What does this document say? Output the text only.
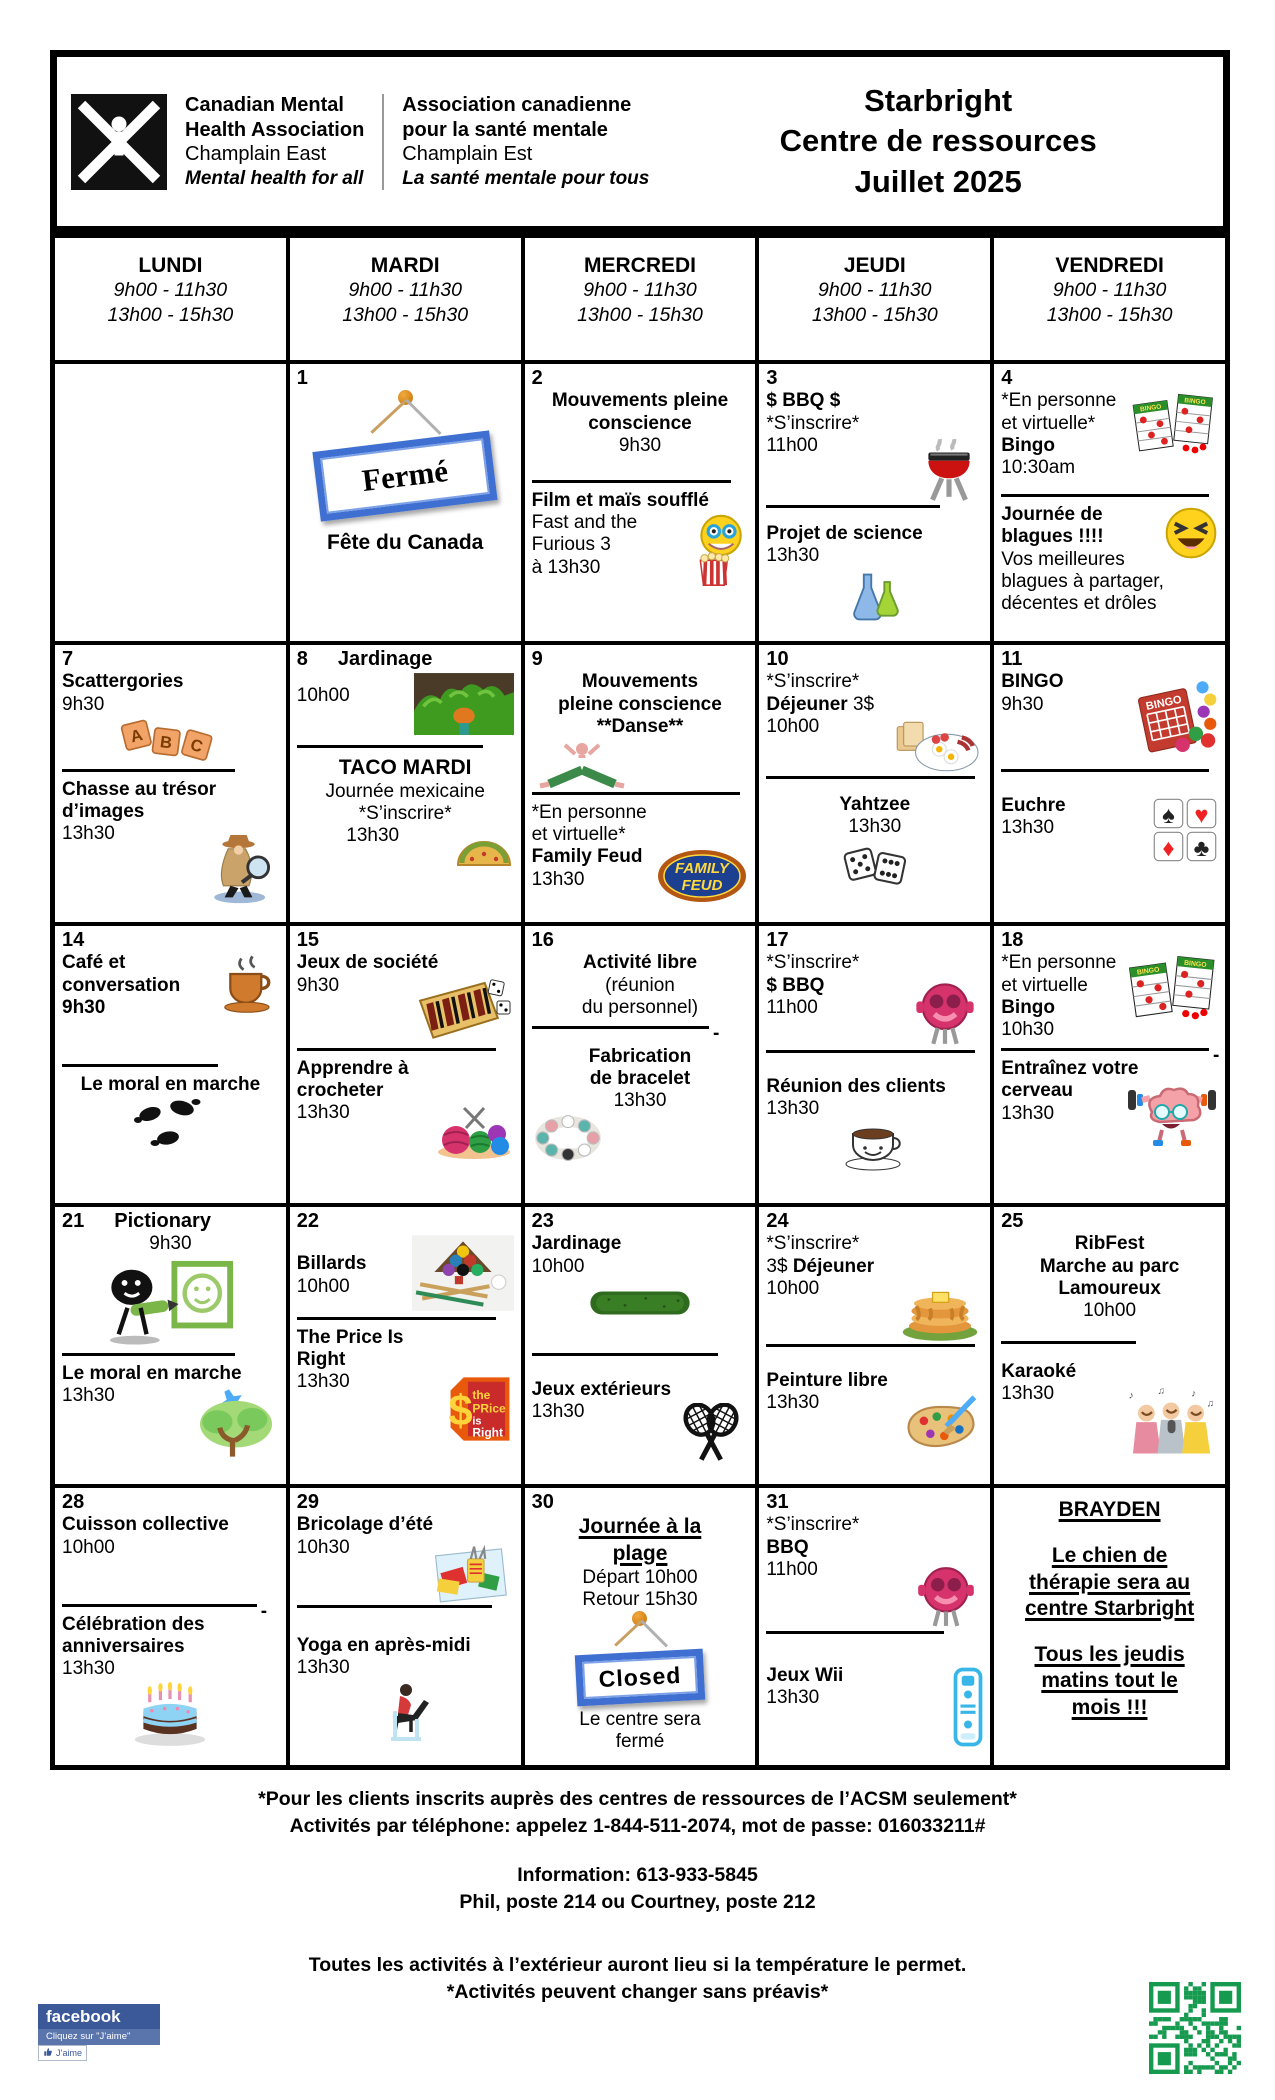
Canadian Mental
Health Association
Champlain East
Mental health for all
Association canadienne
pour la santé mentale
Champlain Est
La santé mentale pour tous
Starbright
Centre de ressources
Juillet 2025
LUNDI
9h00 - 11h30
13h00 - 15h30
MARDI
9h00 - 11h30
13h00 - 15h30
MERCREDI
9h00 - 11h30
13h00 - 15h30
JEUDI
9h00 - 11h30
13h00 - 15h30
VENDREDI
9h00 - 11h30
13h00 - 15h30
1
Fermé
Fête du Canada
2
Mouvements pleine
conscience
9h30
Film et maïs soufflé
Fast and the
Furious 3
à 13h30
3
$ BBQ $
*S’inscrire*
11h00
Projet de science
13h30
4
BINGO
BINGO
*En personne
et virtuelle*
Bingo 10:30am
Journée de
blagues !!!!
Vos meilleures
blagues à partager,
décentes et drôles
7
Scattergories
9h30
A B C
Chasse au trésor
d’images
13h30
8 Jardinage
10h00
TACO MARDI
Journée mexicaine
*S’inscrire*
13h30
9
Mouvements
pleine conscience
**Danse**
*En personne
et virtuelle*
FAMILY
FEUD
Family Feud
13h30
10
*S’inscrire*
Déjeuner 3$
10h00
Yahtzee
13h30
11
BINGO
BINGO
9h30
♠ ♥
♦ ♣
Euchre
13h30
14
Café et
conversation
9h30
Le moral en marche
15
Jeux de société
9h30
Apprendre à
crocheter
13h30
16
Activité libre
(réunion
du personnel)
-
Fabrication
de bracelet
13h30
17
*S’inscrire*
$ BBQ
11h00
Réunion des clients
13h30
18
BINGO
BINGO
*En personne
et virtuelle
Bingo
10h30
-
Entraînez votre
cerveau
13h30
21 Pictionary
9h30
Le moral en marche
13h30
22
Billards
10h00
The Price Is
Right
the
PRice
is
Right
$
13h30
23
Jardinage
10h00
Jeux extérieurs
13h30
24
*S’inscrire*
3$ Déjeuner
10h00
Peinture libre
13h30
25
RibFest
Marche au parc
Lamoureux
10h00
Karaoké
♪	♫	♪
♫
13h30
28
Cuisson collective
10h00
-
Célébration des
anniversaires
13h30
29
Bricolage d’été
10h30
Yoga en après-midi
13h30
30
Journée à la
plage
Départ 10h00
Retour 15h30
Closed
Le centre sera
fermé
31
*S’inscrire*
BBQ
11h00
Jeux Wii
13h30
BRAYDEN
Le chien de
thérapie sera au
centre Starbright
Tous les jeudis
matins tout le
mois !!!

*Pour les clients inscrits auprès des centres de ressources de l’ACSM seulement*

Activités par téléphone: appelez 1-844-511-2074, mot de passe: 016033211#

Information: 613-933-5845

Phil, poste 214 ou Courtney, poste 212

Toutes les activités à l’extérieur auront lieu si la température le permet.

*Activités peuvent changer sans préavis*

facebook
Cliquez sur "J’aime"
J’aime
